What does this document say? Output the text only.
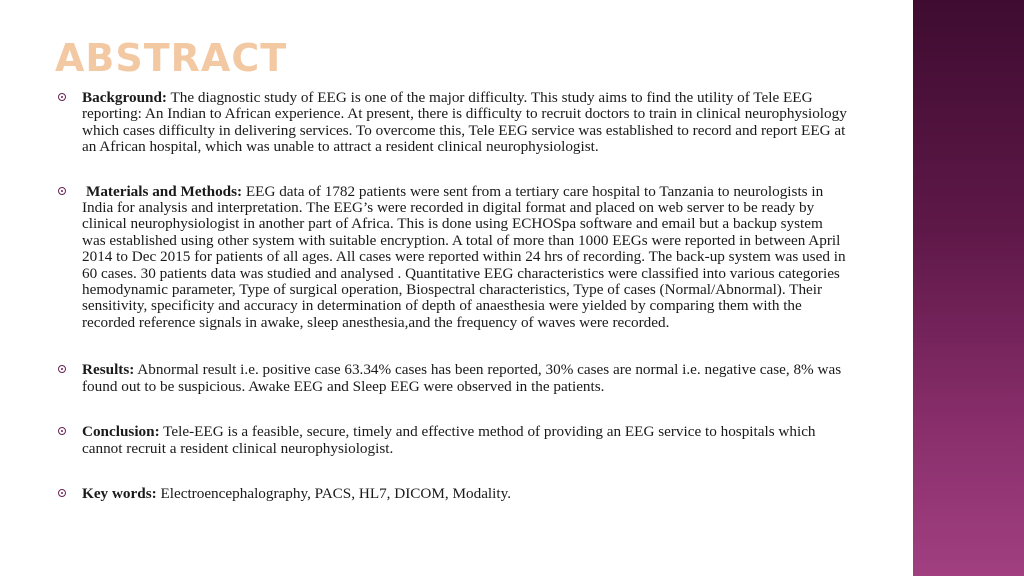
ABSTRACT
Background: The diagnostic study of EEG is one of the major difficulty. This study aims to find the utility of Tele EEG reporting: An Indian to African experience. At present, there is difficulty to recruit doctors to train in clinical neurophysiology which cases difficulty in delivering services. To overcome this, Tele EEG service was established to record and report EEG at an African hospital, which was unable to attract a resident clinical neurophysiologist.
Materials and Methods: EEG data of 1782 patients were sent from a tertiary care hospital to Tanzania to neurologists in India for analysis and interpretation. The EEG’s were recorded in digital format and placed on web server to be ready by clinical neurophysiologist in another part of Africa. This is done using ECHOSpa software and email but a backup system was established using other system with suitable encryption. A total of more than 1000 EEGs were reported in between April 2014 to Dec 2015 for patients of all ages. All cases were reported within 24 hrs of recording. The back-up system was used in 60 cases. 30 patients data was studied and analysed . Quantitative EEG characteristics were classified into various categories hemodynamic parameter, Type of surgical operation, Biospectral characteristics, Type of cases (Normal/Abnormal). Their sensitivity, specificity and accuracy in determination of depth of anaesthesia were yielded by comparing them with the recorded reference signals in awake, sleep anesthesia,and the frequency of waves were recorded.
Results: Abnormal result i.e. positive case 63.34% cases has been reported, 30% cases are normal i.e. negative case, 8% was found out to be suspicious. Awake EEG and Sleep EEG were observed in the patients.
Conclusion: Tele-EEG is a feasible, secure, timely and effective method of providing an EEG service to hospitals which cannot recruit a resident clinical neurophysiologist.
Key words: Electroencephalography, PACS, HL7, DICOM, Modality.
